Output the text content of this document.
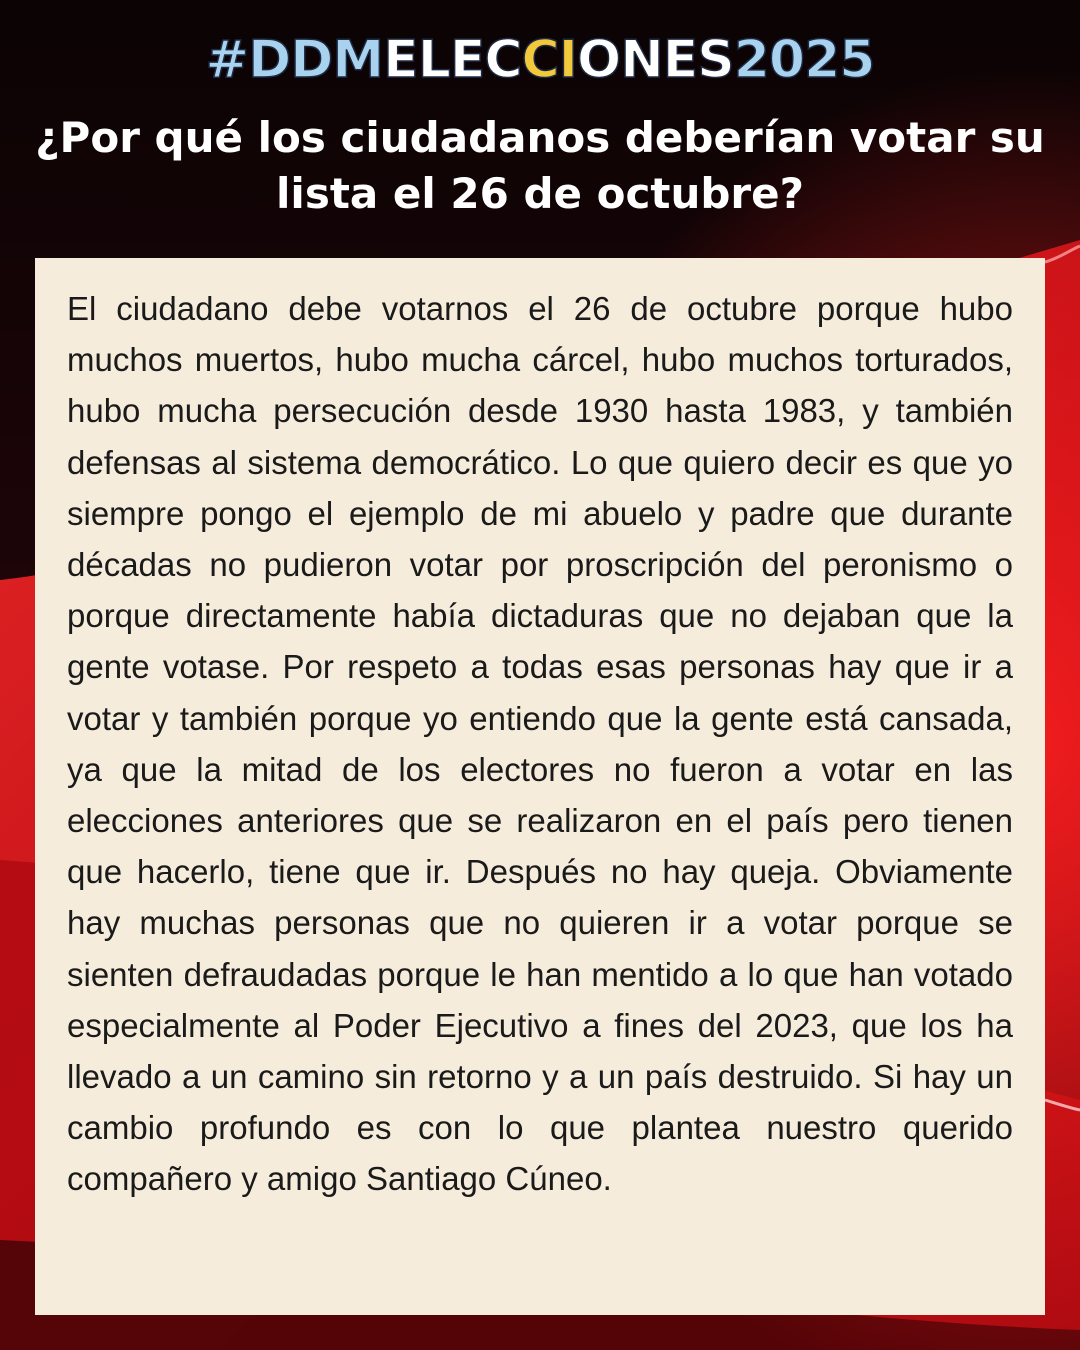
#DDMELECCIONES2025
¿Por qué los ciudadanos deberían votar su lista el 26 de octubre?

El ciudadano debe votarnos el 26 de octubre porque hubo muchos muertos, hubo mucha cárcel, hubo muchos torturados, hubo mucha persecución desde 1930 hasta 1983, y también defensas al sistema democrático. Lo que quiero decir es que yo siempre pongo el ejemplo de mi abuelo y padre que durante décadas no pudieron votar por proscripción del peronismo o porque directamente había dictaduras que no dejaban que la gente votase. Por respeto a todas esas personas hay que ir a votar y también porque yo entiendo que la gente está cansada, ya que la mitad de los electores no fueron a votar en las elecciones anteriores que se realizaron en el país pero tienen que hacerlo, tiene que ir. Después no hay queja. Obviamente hay muchas personas que no quieren ir a votar porque se sienten defraudadas porque le han mentido a lo que han votado especialmente al Poder Ejecutivo a fines del 2023, que los ha llevado a un camino sin retorno y a un país destruido. Si hay un cambio profundo es con lo que plantea nuestro querido compañero y amigo Santiago Cúneo.
